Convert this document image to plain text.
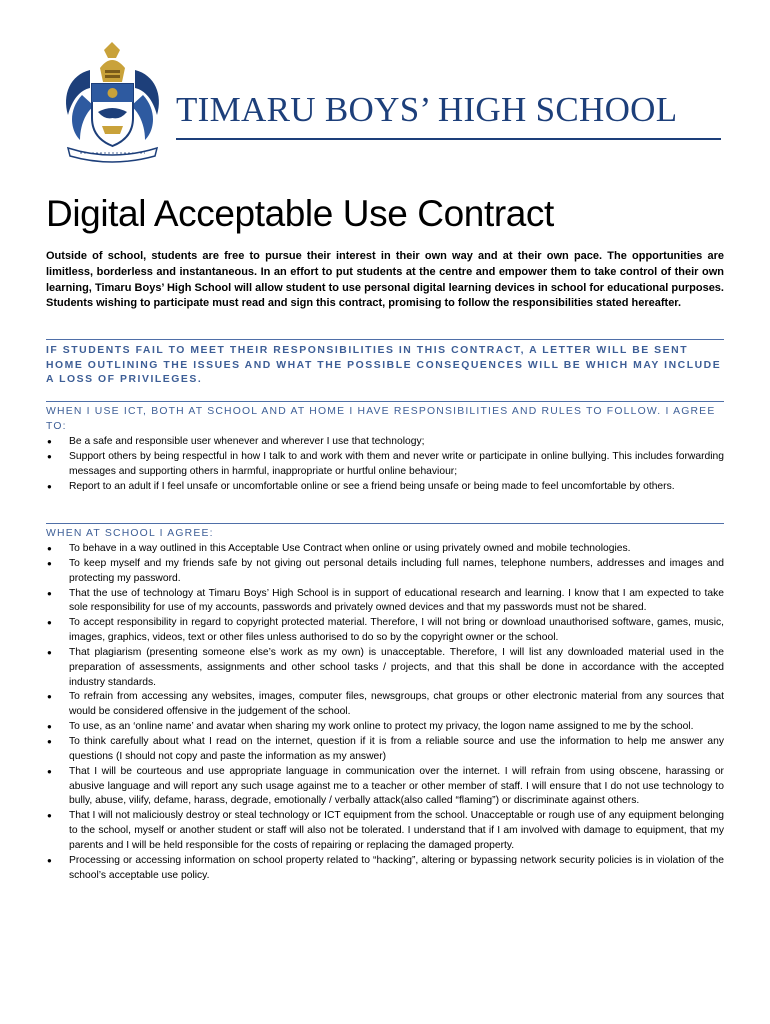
TIMARU BOYS’ HIGH SCHOOL
Digital Acceptable Use Contract
Outside of school, students are free to pursue their interest in their own way and at their own pace. The opportunities are limitless, borderless and instantaneous. In an effort to put students at the centre and empower them to take control of their own learning, Timaru Boys’ High School will allow student to use personal digital learning devices in school for educational purposes. Students wishing to participate must read and sign this contract, promising to follow the responsibilities stated hereafter.
IF STUDENTS FAIL TO MEET THEIR RESPONSIBILITIES IN THIS CONTRACT, A LETTER WILL BE SENT HOME OUTLINING THE ISSUES AND WHAT THE POSSIBLE CONSEQUENCES WILL BE WHICH MAY INCLUDE A LOSS OF PRIVILEGES.
WHEN I USE ICT, BOTH AT SCHOOL AND AT HOME I HAVE RESPONSIBILITIES AND RULES TO FOLLOW. I AGREE TO:
● Be a safe and responsible user whenever and wherever I use that technology;
● Support others by being respectful in how I talk to and work with them and never write or participate in online bullying. This includes forwarding messages and supporting others in harmful, inappropriate or hurtful online behaviour;
● Report to an adult if I feel unsafe or uncomfortable online or see a friend being unsafe or being made to feel uncomfortable by others.
WHEN AT SCHOOL I AGREE:
● To behave in a way outlined in this Acceptable Use Contract when online or using privately owned and mobile technologies.
● To keep myself and my friends safe by not giving out personal details including full names, telephone numbers, addresses and images and protecting my password.
● That the use of technology at Timaru Boys’ High School is in support of educational research and learning. I know that I am expected to take sole responsibility for use of my accounts, passwords and privately owned devices and that my passwords must not be shared.
● To accept responsibility in regard to copyright protected material. Therefore, I will not bring or download unauthorised software, games, music, images, graphics, videos, text or other files unless authorised to do so by the copyright owner or the school.
● That plagiarism (presenting someone else’s work as my own) is unacceptable. Therefore, I will list any downloaded material used in the preparation of assessments, assignments and other school tasks / projects, and that this shall be done in accordance with the accepted industry standards.
● To refrain from accessing any websites, images, computer files, newsgroups, chat groups or other electronic material from any sources that would be considered offensive in the judgement of the school.
● To use, as an ‘online name’ and avatar when sharing my work online to protect my privacy, the logon name assigned to me by the school.
● To think carefully about what I read on the internet, question if it is from a reliable source and use the information to help me answer any questions (I should not copy and paste the information as my answer)
● That I will be courteous and use appropriate language in communication over the internet. I will refrain from using obscene, harassing or abusive language and will report any such usage against me to a teacher or other member of staff. I will ensure that I do not use technology to bully, abuse, vilify, defame, harass, degrade, emotionally / verbally attack(also called “flaming”) or discriminate against others.
● That I will not maliciously destroy or steal technology or ICT equipment from the school. Unacceptable or rough use of any equipment belonging to the school, myself or another student or staff will also not be tolerated. I understand that if I am involved with damage to equipment, that my parents and I will be held responsible for the costs of repairing or replacing the damaged property.
● Processing or accessing information on school property related to “hacking”, altering or bypassing network security policies is in violation of the school’s acceptable use policy.
